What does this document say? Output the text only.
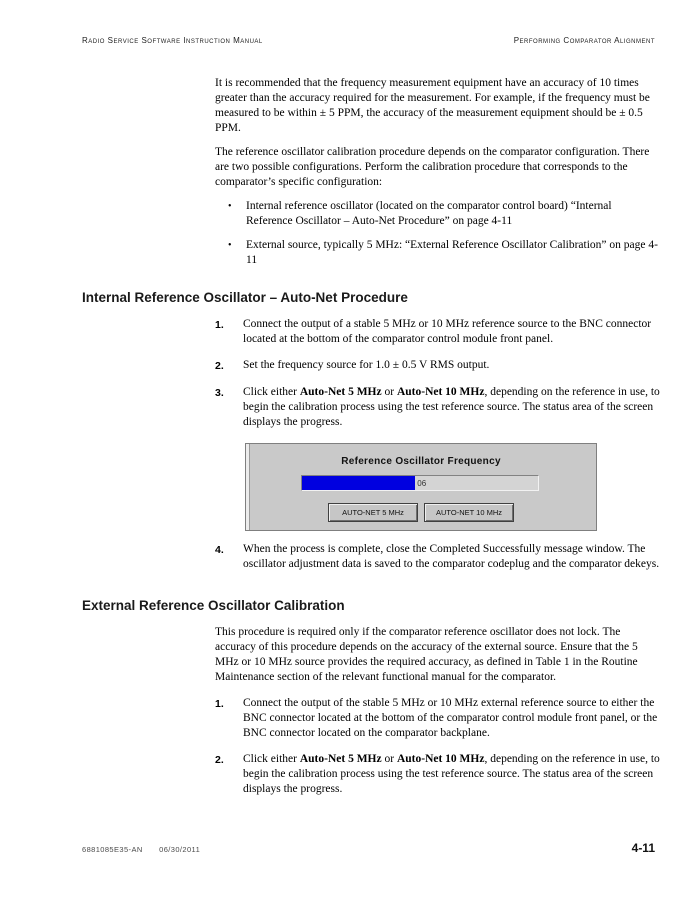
Radio Service Software Instruction Manual	Performing Comparator Alignment

It is recommended that the frequency measurement equipment have an accuracy of 10 times greater than the accuracy required for the measurement. For example, if the frequency must be measured to be within ± 5 PPM, the accuracy of the measurement equipment should be ± 0.5 PPM.

The reference oscillator calibration procedure depends on the comparator configuration. There are two possible configurations. Perform the calibration procedure that corresponds to the comparator’s specific configuration:

•	Internal reference oscillator (located on the comparator control board) “Internal Reference Oscillator – Auto-Net Procedure” on page 4-11
•	External source, typically 5 MHz: “External Reference Oscillator Calibration” on page 4-11
Internal Reference Oscillator – Auto-Net Procedure
1.	Connect the output of a stable 5 MHz or 10 MHz reference source to the BNC connector located at the bottom of the comparator control module front panel.
2.	Set the frequency source for 1.0 ± 0.5 V RMS output.
3.	Click either Auto-Net 5 MHz or Auto-Net 10 MHz, depending on the reference in use, to begin the calibration process using the test reference source. The status area of the screen displays the progress.
Reference Oscillator Frequency
06
AUTO-NET 5 MHz	AUTO-NET 10 MHz
4.	When the process is complete, close the Completed Successfully message window. The oscillator adjustment data is saved to the comparator codeplug and the comparator dekeys.
External Reference Oscillator Calibration

This procedure is required only if the comparator reference oscillator does not lock. The accuracy of this procedure depends on the accuracy of the external source. Ensure that the 5 MHz or 10 MHz source provides the required accuracy, as defined in Table 1 in the Routine Maintenance section of the relevant functional manual for the comparator.

1.	Connect the output of the stable 5 MHz or 10 MHz external reference source to either the BNC connector located at the bottom of the comparator control module front panel, or the BNC connector located on the comparator backplane.
2.	Click either Auto-Net 5 MHz or Auto-Net 10 MHz, depending on the reference in use, to begin the calibration process using the test reference source. The status area of the screen displays the progress.
6881085E35-AN 06/30/2011	4-11
